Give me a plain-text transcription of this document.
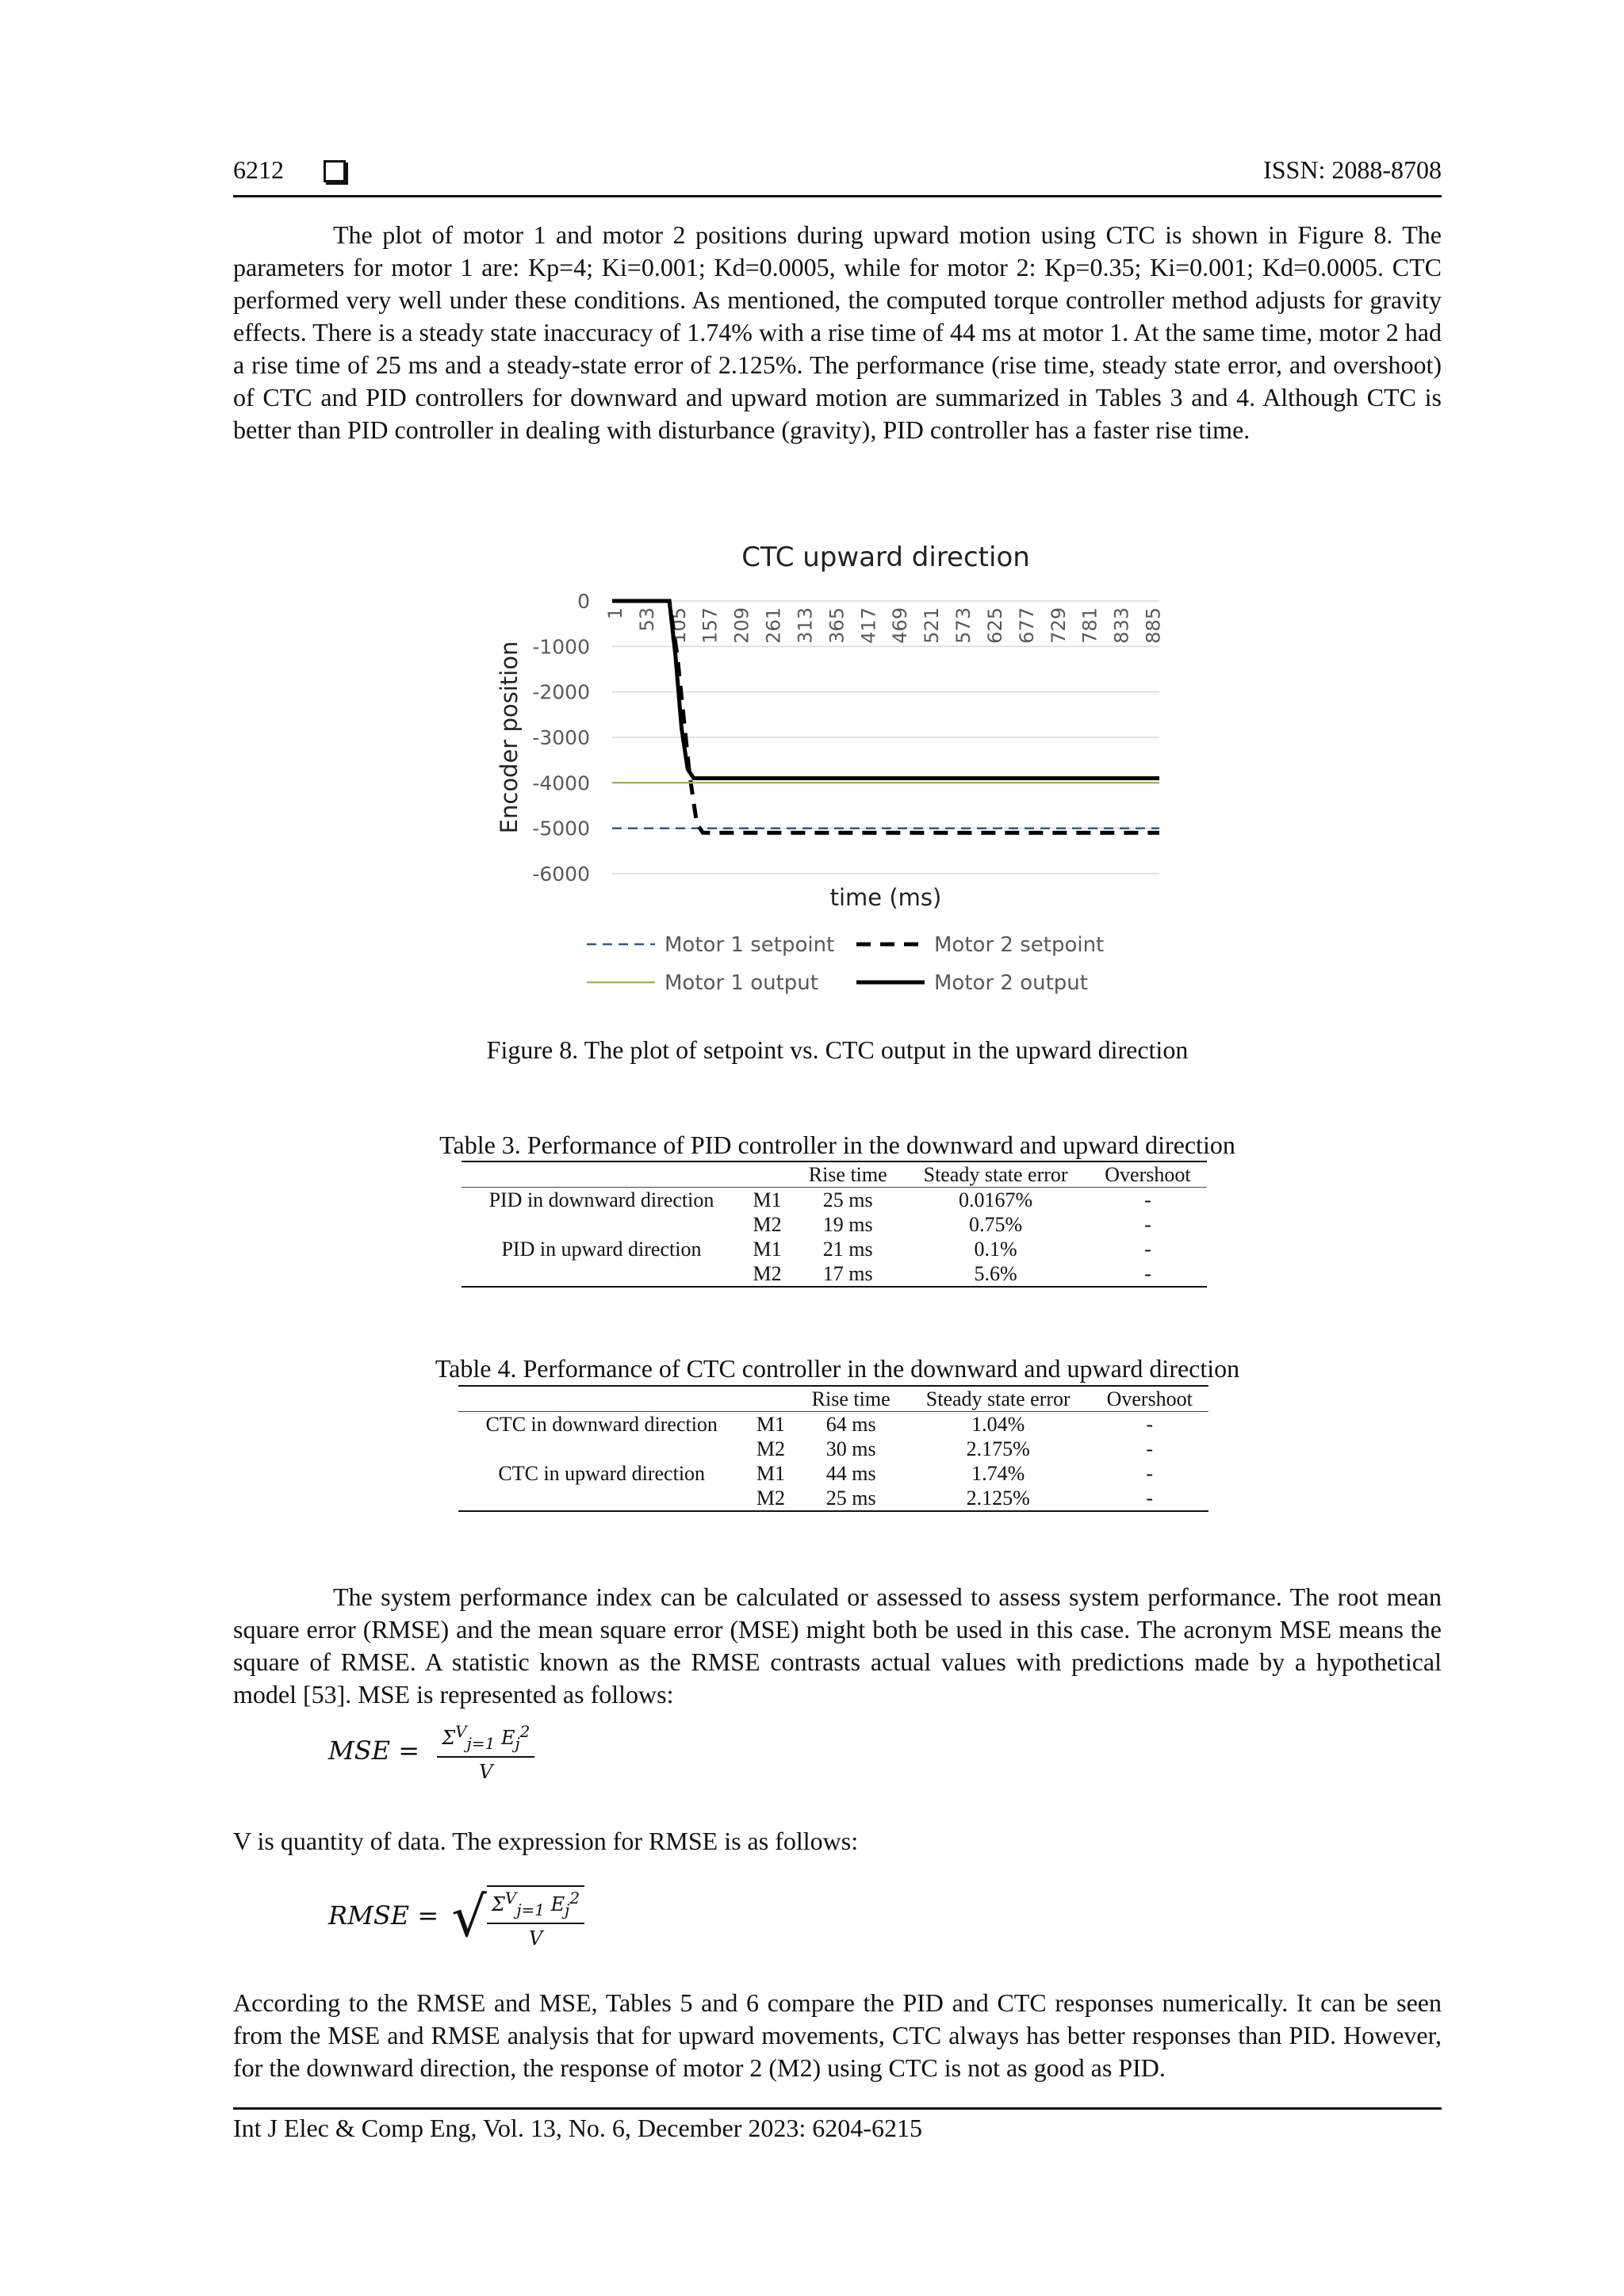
6212	ISSN: 2088-8708
The plot of motor 1 and motor 2 positions during upward motion using CTC is shown in Figure 8. The parameters for motor 1 are: Kp=4; Ki=0.001; Kd=0.0005, while for motor 2: Kp=0.35; Ki=0.001; Kd=0.0005. CTC performed very well under these conditions. As mentioned, the computed torque controller method adjusts for gravity effects. There is a steady state inaccuracy of 1.74% with a rise time of 44 ms at motor 1. At the same time, motor 2 had a rise time of 25 ms and a steady-state error of 2.125%. The performance (rise time, steady state error, and overshoot) of CTC and PID controllers for downward and upward motion are summarized in Tables 3 and 4. Although CTC is better than PID controller in dealing with disturbance (gravity), PID controller has a faster rise time.
CTC upward direction
0
-1000
-2000
-3000
-4000
-5000
-6000
Encoder position
1 53 105 157 209 261 313 365 417 469 521 573 625 677 729 781 833 885
time (ms)
Motor 1 setpoint	Motor 2 setpoint
Motor 1 output	Motor 2 output
Figure 8. The plot of setpoint vs. CTC output in the upward direction
Table 3. Performance of PID controller in the downward and upward direction
		Rise time	Steady state error	Overshoot
PID in downward direction	M1	25 ms	0.0167%	-
	M2	19 ms	0.75%	-
PID in upward direction	M1	21 ms	0.1%	-
	M2	17 ms	5.6%	-
Table 4. Performance of CTC controller in the downward and upward direction
		Rise time	Steady state error	Overshoot
CTC in downward direction	M1	64 ms	1.04%	-
	M2	30 ms	2.175%	-
CTC in upward direction	M1	44 ms	1.74%	-
	M2	25 ms	2.125%	-
The system performance index can be calculated or assessed to assess system performance. The root mean square error (RMSE) and the mean square error (MSE) might both be used in this case. The acronym MSE means the square of RMSE. A statistic known as the RMSE contrasts actual values with predictions made by a hypothetical model [53]. MSE is represented as follows:
MSE = $\frac{\Sigma^V_{j=1} E_j^2}{V}$
V is quantity of data. The expression for RMSE is as follows:
RMSE = √ $\frac{\Sigma^V_{j=1} E_j^2}{V}$
According to the RMSE and MSE, Tables 5 and 6 compare the PID and CTC responses numerically. It can be seen from the MSE and RMSE analysis that for upward movements, CTC always has better responses than PID. However, for the downward direction, the response of motor 2 (M2) using CTC is not as good as PID.
Int J Elec & Comp Eng, Vol. 13, No. 6, December 2023: 6204-6215
